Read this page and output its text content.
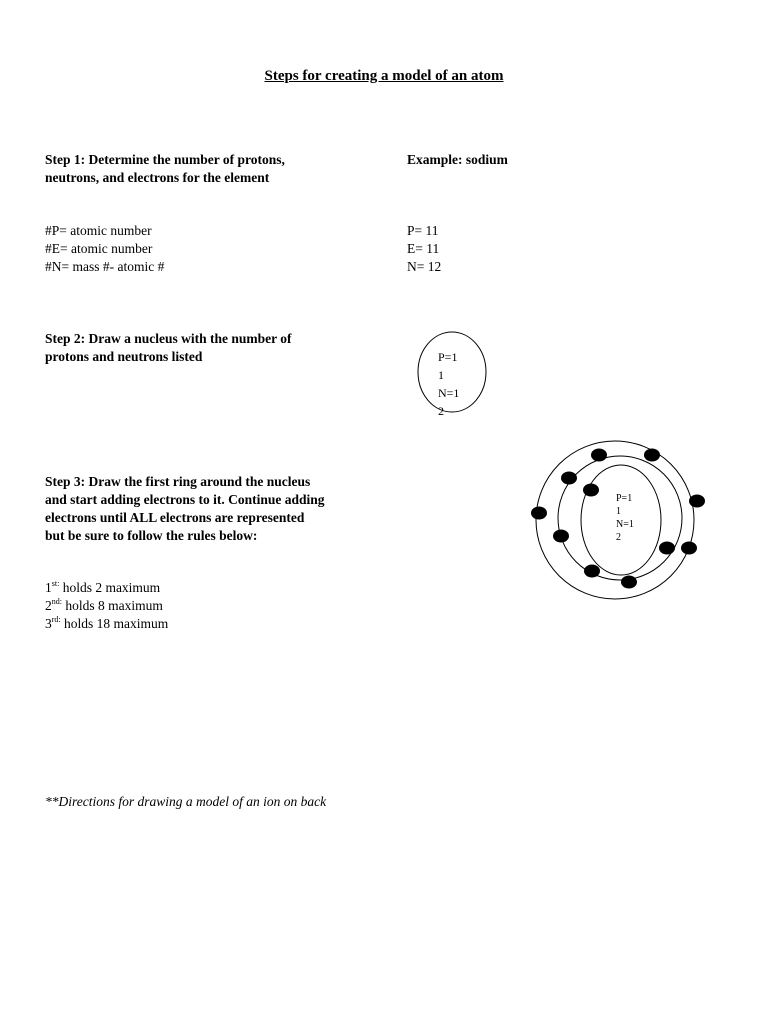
Steps for creating a model of an atom
Step 1: Determine the number of protons,
neutrons, and electrons for the element
Example: sodium
#P= atomic number
#E= atomic number
#N= mass #- atomic #
P= 11
E= 11
N= 12
Step 2: Draw a nucleus with the number of
protons and neutrons listed
Step 3: Draw the first ring around the nucleus
and start adding electrons to it. Continue adding
electrons until ALL electrons are represented
but be sure to follow the rules below:
$1^{st:}$ holds 2 maximum
$2^{nd:}$ holds 8 maximum
$3^{rd:}$ holds 18 maximum
**Directions for drawing a model of an ion on back
P=1
1
N=1
2
P=1
1
N=1
2
